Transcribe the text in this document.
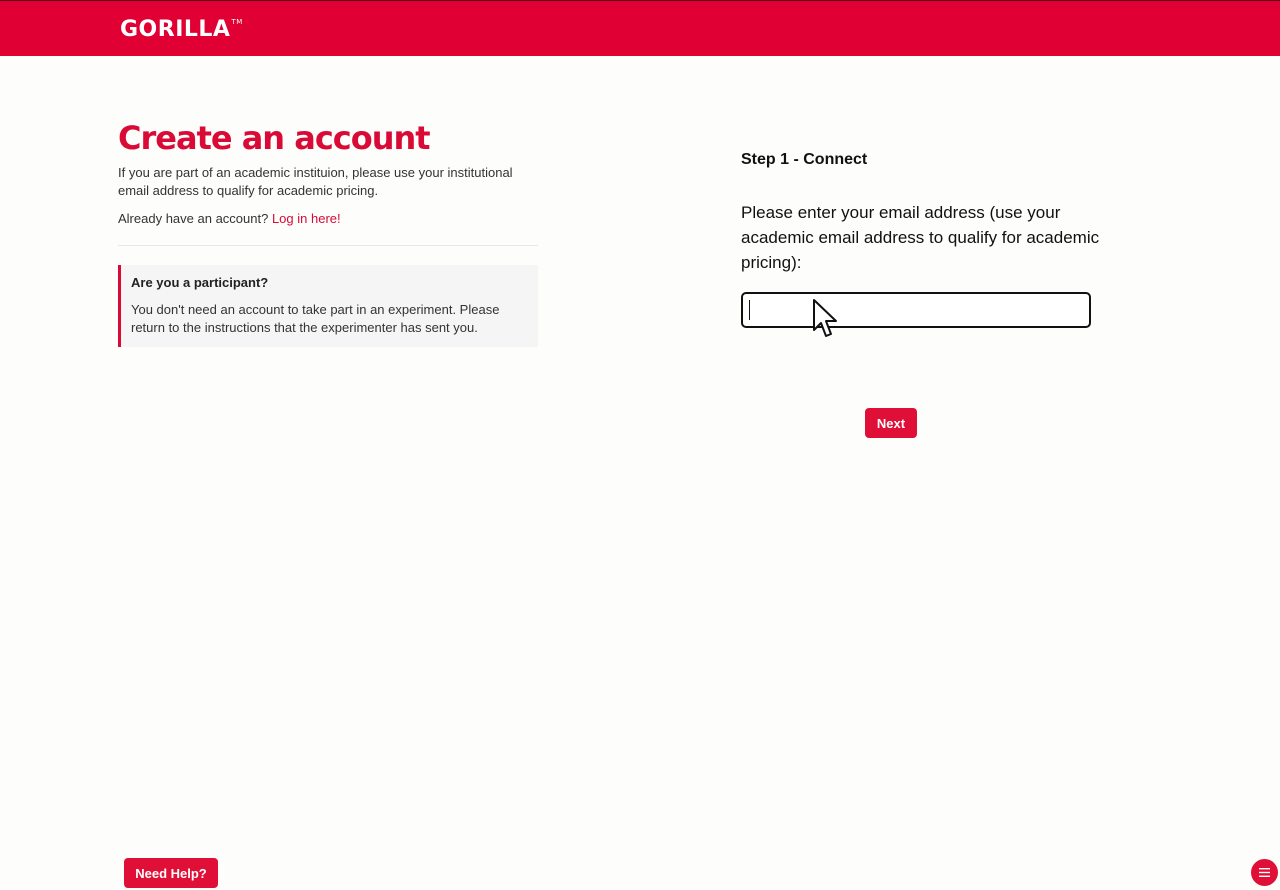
GORILLA™
Create an account

If you are part of an academic instituion, please use your institutional email address to qualify for academic pricing.

Already have an account? Log in here!

Are you a participant?
You don't need an account to take part in an experiment. Please return to the instructions that the experimenter has sent you.
Step 1 - Connect

Please enter your email address (use your academic email address to qualify for academic pricing):

Next
Need Help?
